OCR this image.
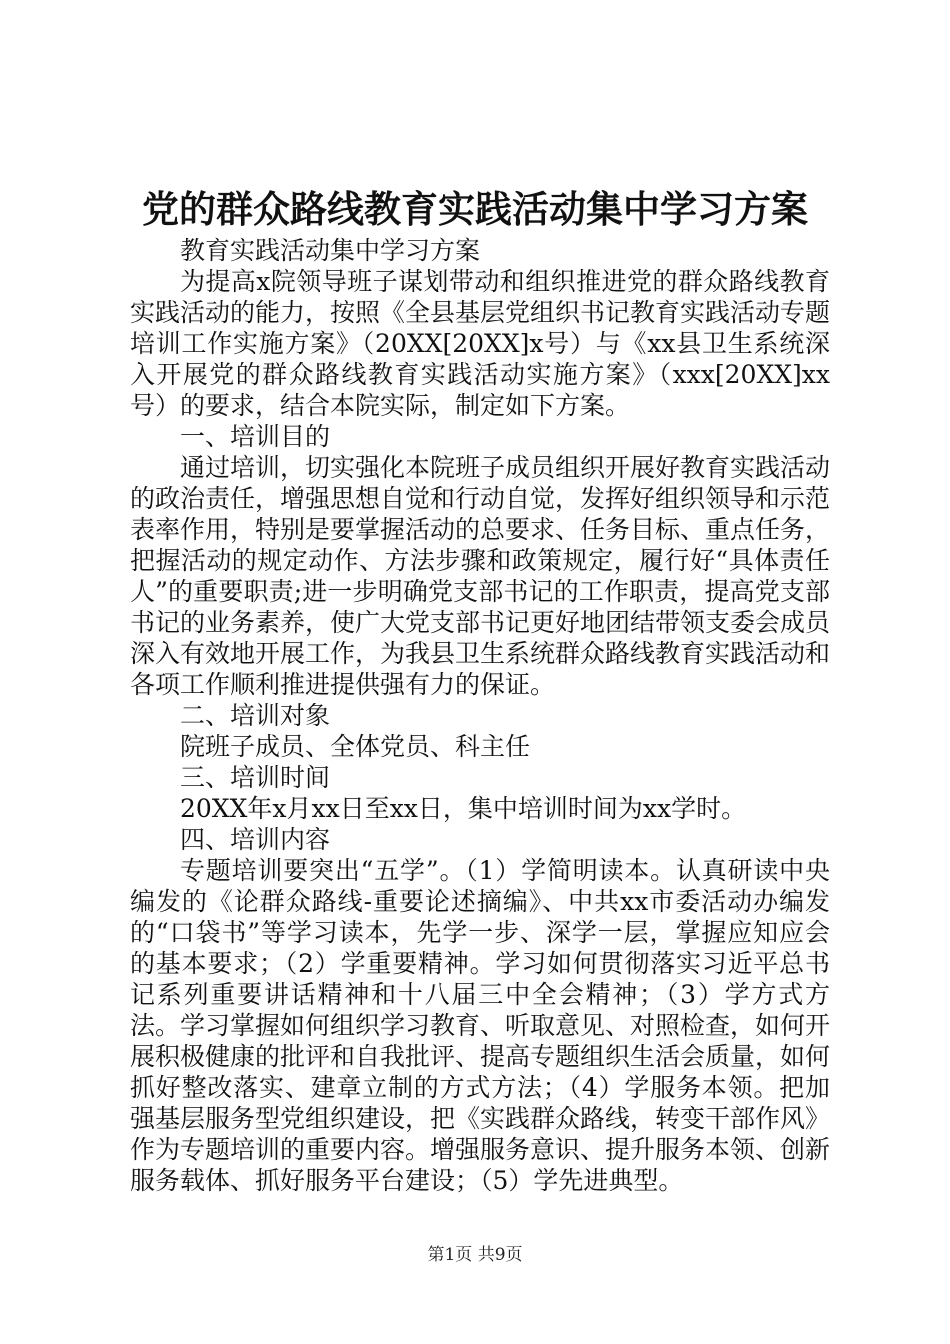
党的群众路线教育实践活动集中学习方案

教育实践活动集中学习方案

为提高x院领导班子谋划带动和组织推进党的群众路线教育实践活动的能力，按照《全县基层党组织书记教育实践活动专题培训工作实施方案》（20XX[20XX]x号）与《xx县卫生系统深入开展党的群众路线教育实践活动实施方案》（xxx[20XX]xx号）的要求，结合本院实际，制定如下方案。

一、培训目的

通过培训，切实强化本院班子成员组织开展好教育实践活动的政治责任，增强思想自觉和行动自觉，发挥好组织领导和示范表率作用，特别是要掌握活动的总要求、任务目标、重点任务，把握活动的规定动作、方法步骤和政策规定，履行好“具体责任人”的重要职责;进一步明确党支部书记的工作职责，提高党支部书记的业务素养，使广大党支部书记更好地团结带领支委会成员深入有效地开展工作，为我县卫生系统群众路线教育实践活动和各项工作顺利推进提供强有力的保证。

二、培训对象

院班子成员、全体党员、科主任

三、培训时间

20XX年x月xx日至xx日，集中培训时间为xx学时。

四、培训内容

专题培训要突出“五学”。（1）学简明读本。认真研读中央编发的《论群众路线-重要论述摘编》、中共xx市委活动办编发的“口袋书”等学习读本，先学一步、深学一层，掌握应知应会的基本要求；（2）学重要精神。学习如何贯彻落实习近平总书记系列重要讲话精神和十八届三中全会精神；（3）学方式方法。学习掌握如何组织学习教育、听取意见、对照检查，如何开展积极健康的批评和自我批评、提高专题组织生活会质量，如何抓好整改落实、建章立制的方式方法；（4）学服务本领。把加强基层服务型党组织建设，把《实践群众路线，转变干部作风》作为专题培训的重要内容。增强服务意识、提升服务本领、创新服务载体、抓好服务平台建设；（5）学先进典型。

第1页 共9页
